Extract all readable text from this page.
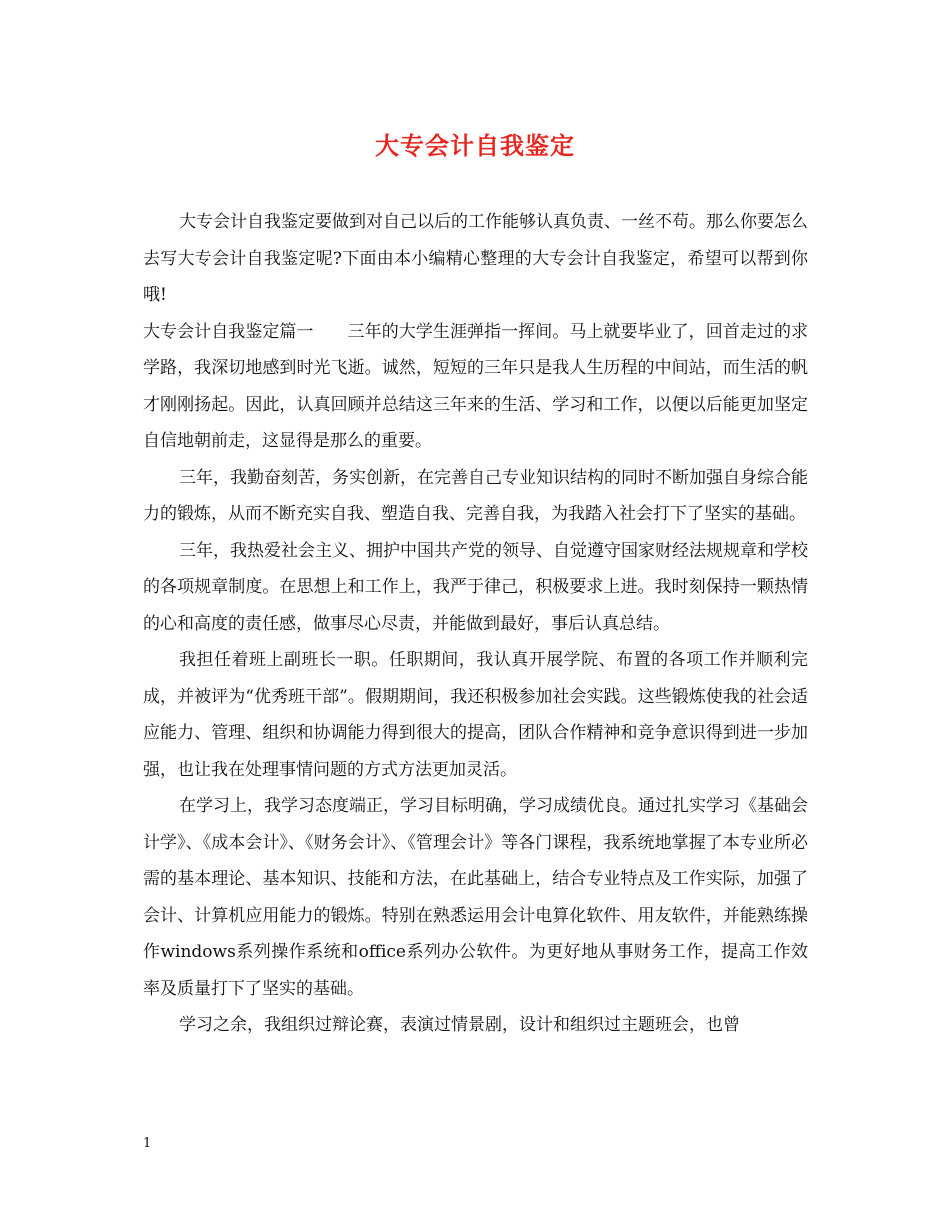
大专会计自我鉴定

大专会计自我鉴定要做到对自己以后的工作能够认真负责、一丝不苟。那么你要怎么去写大专会计自我鉴定呢?下面由本小编精心整理的大专会计自我鉴定，希望可以帮到你哦!

大专会计自我鉴定篇一　　三年的大学生涯弹指一挥间。马上就要毕业了，回首走过的求学路，我深切地感到时光飞逝。诚然，短短的三年只是我人生历程的中间站，而生活的帆才刚刚扬起。因此，认真回顾并总结这三年来的生活、学习和工作，以便以后能更加坚定自信地朝前走，这显得是那么的重要。

三年，我勤奋刻苦，务实创新，在完善自己专业知识结构的同时不断加强自身综合能力的锻炼，从而不断充实自我、塑造自我、完善自我，为我踏入社会打下了坚实的基础。

三年，我热爱社会主义、拥护中国共产党的领导、自觉遵守国家财经法规规章和学校的各项规章制度。在思想上和工作上，我严于律己，积极要求上进。我时刻保持一颗热情的心和高度的责任感，做事尽心尽责，并能做到最好，事后认真总结。

我担任着班上副班长一职。任职期间，我认真开展学院、布置的各项工作并顺利完成，并被评为“优秀班干部”。假期期间，我还积极参加社会实践。这些锻炼使我的社会适应能力、管理、组织和协调能力得到很大的提高，团队合作精神和竞争意识得到进一步加强，也让我在处理事情问题的方式方法更加灵活。

在学习上，我学习态度端正，学习目标明确，学习成绩优良。通过扎实学习《基础会计学》、《成本会计》、《财务会计》、《管理会计》等各门课程，我系统地掌握了本专业所必需的基本理论、基本知识、技能和方法，在此基础上，结合专业特点及工作实际，加强了会计、计算机应用能力的锻炼。特别在熟悉运用会计电算化软件、用友软件，并能熟练操作windows系列操作系统和office系列办公软件。为更好地从事财务工作，提高工作效率及质量打下了坚实的基础。

学习之余，我组织过辩论赛，表演过情景剧，设计和组织过主题班会，也曾

1
